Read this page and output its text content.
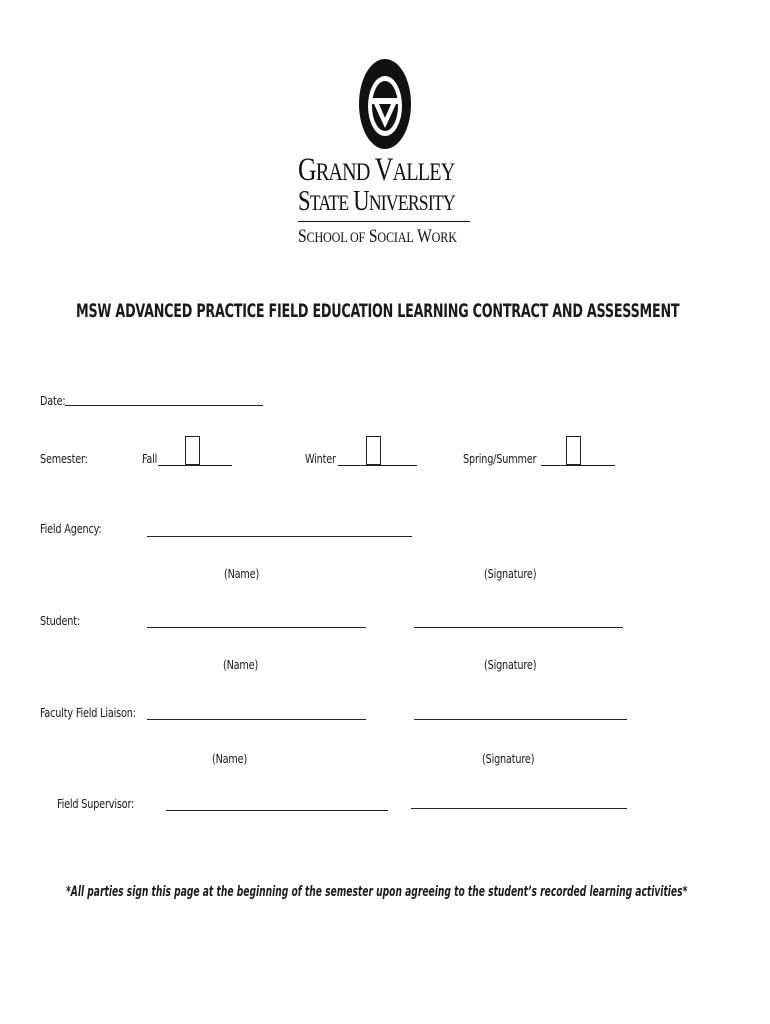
GRAND VALLEY
STATE UNIVERSITY
SCHOOL OF SOCIAL WORK
MSW ADVANCED PRACTICE FIELD EDUCATION LEARNING CONTRACT AND ASSESSMENT
Date:
Semester:	Fall	Winter	Spring/Summer
Field Agency:
(Name)	(Signature)
Student:
(Name)	(Signature)
Faculty Field Liaison:
(Name)	(Signature)
Field Supervisor:
*All parties sign this page at the beginning of the semester upon agreeing to the student’s recorded learning activities*
